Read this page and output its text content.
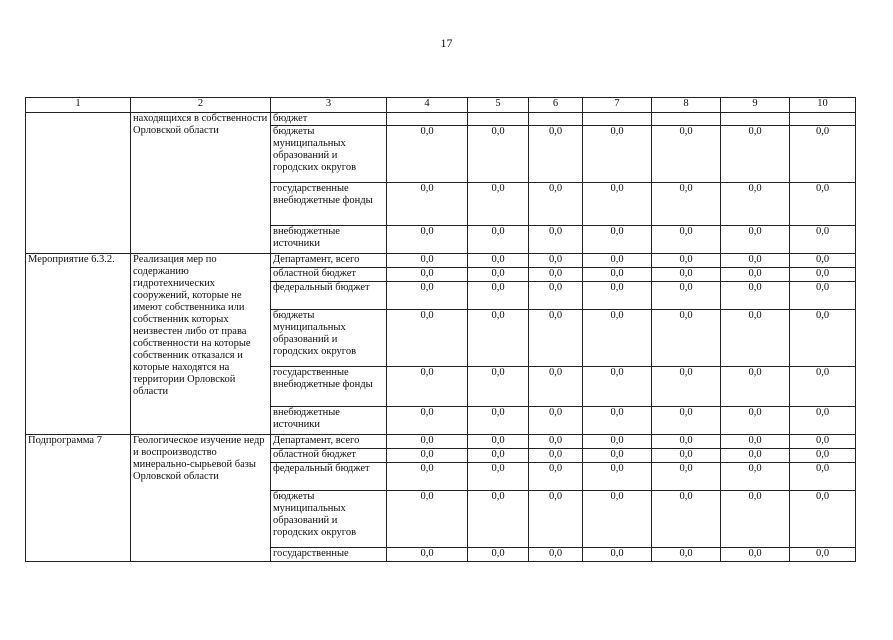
17
1	2	3	4	5	6	7	8	9	10
	находящихся в собственности Орловской области	бюджет							
		бюджеты муниципальных образований и городских округов	0,0	0,0	0,0	0,0	0,0	0,0	0,0
		государственные внебюджетные фонды	0,0	0,0	0,0	0,0	0,0	0,0	0,0
		внебюджетные источники	0,0	0,0	0,0	0,0	0,0	0,0	0,0
Мероприятие 6.3.2.	Реализация мер по содержанию гидротехнических сооружений, которые не имеют собственника или собственник которых неизвестен либо от права собственности на которые собственник отказался и которые находятся на территории Орловской области	Департамент, всего	0,0	0,0	0,0	0,0	0,0	0,0	0,0
		областной бюджет	0,0	0,0	0,0	0,0	0,0	0,0	0,0
		федеральный бюджет	0,0	0,0	0,0	0,0	0,0	0,0	0,0
		бюджеты муниципальных образований и городских округов	0,0	0,0	0,0	0,0	0,0	0,0	0,0
		государственные внебюджетные фонды	0,0	0,0	0,0	0,0	0,0	0,0	0,0
		внебюджетные источники	0,0	0,0	0,0	0,0	0,0	0,0	0,0
Подпрограмма 7	Геологическое изучение недр и воспроизводство минерально-сырьевой базы Орловской области	Департамент, всего	0,0	0,0	0,0	0,0	0,0	0,0	0,0
		областной бюджет	0,0	0,0	0,0	0,0	0,0	0,0	0,0
		федеральный бюджет	0,0	0,0	0,0	0,0	0,0	0,0	0,0
		бюджеты муниципальных образований и городских округов	0,0	0,0	0,0	0,0	0,0	0,0	0,0
		государственные	0,0	0,0	0,0	0,0	0,0	0,0	0,0
